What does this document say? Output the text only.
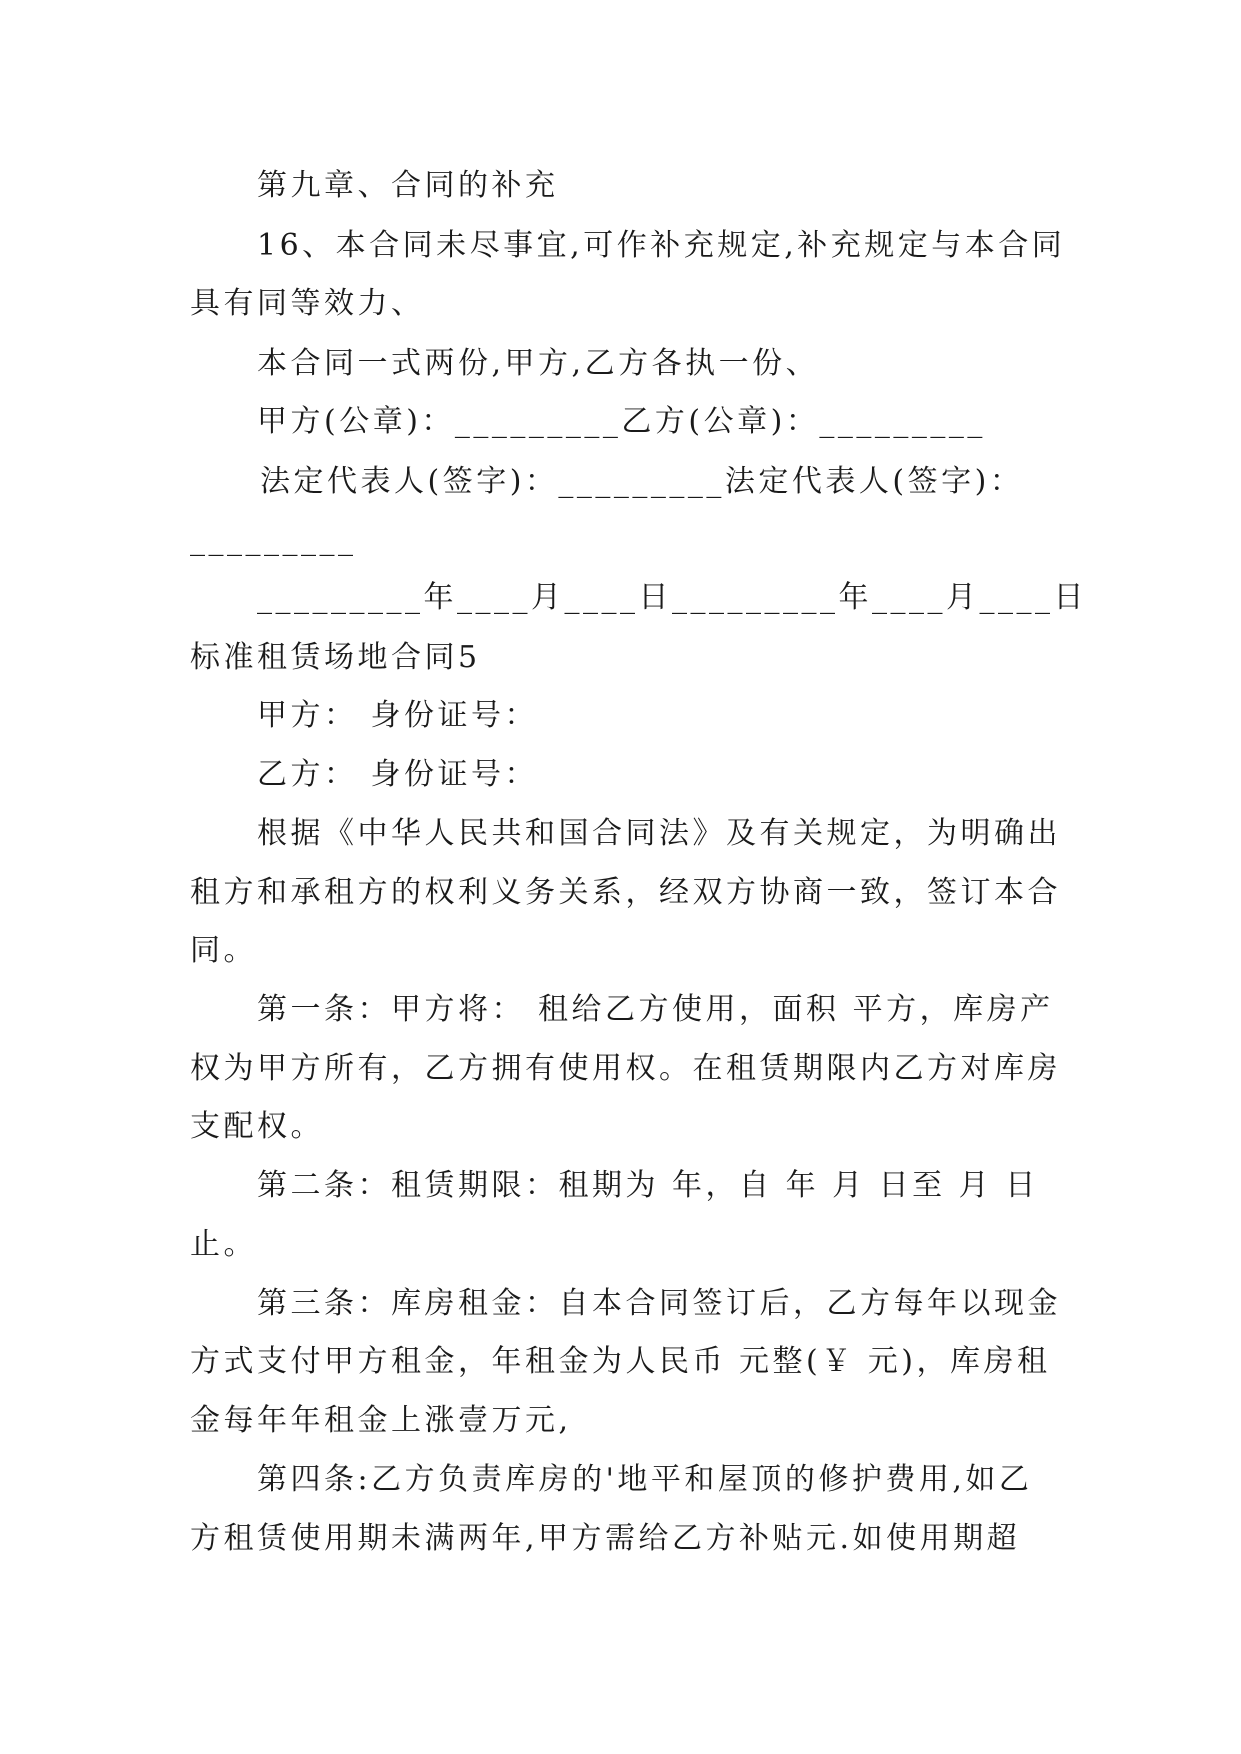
第九章、合同的补充
16、本合同未尽事宜,可作补充规定,补充规定与本合同
具有同等效力、
本合同一式两份,甲方,乙方各执一份、
甲方(公章)：_________乙方(公章)：_________
法定代表人(签字)：_________法定代表人(签字)：
_________
_________年____月____日_________年____月____日
标准租赁场地合同5
甲方： 身份证号：
乙方： 身份证号：
根据《中华人民共和国合同法》及有关规定，为明确出
租方和承租方的权利义务关系，经双方协商一致，签订本合
同。
第一条：甲方将： 租给乙方使用，面积 平方，库房产
权为甲方所有，乙方拥有使用权。在租赁期限内乙方对库房
支配权。
第二条：租赁期限：租期为 年，自 年 月 日至 月 日
止。
第三条：库房租金：自本合同签订后，乙方每年以现金
方式支付甲方租金，年租金为人民币 元整(￥ 元)，库房租
金每年年租金上涨壹万元,
第四条:乙方负责库房的'地平和屋顶的修护费用,如乙
方租赁使用期未满两年,甲方需给乙方补贴元.如使用期超
